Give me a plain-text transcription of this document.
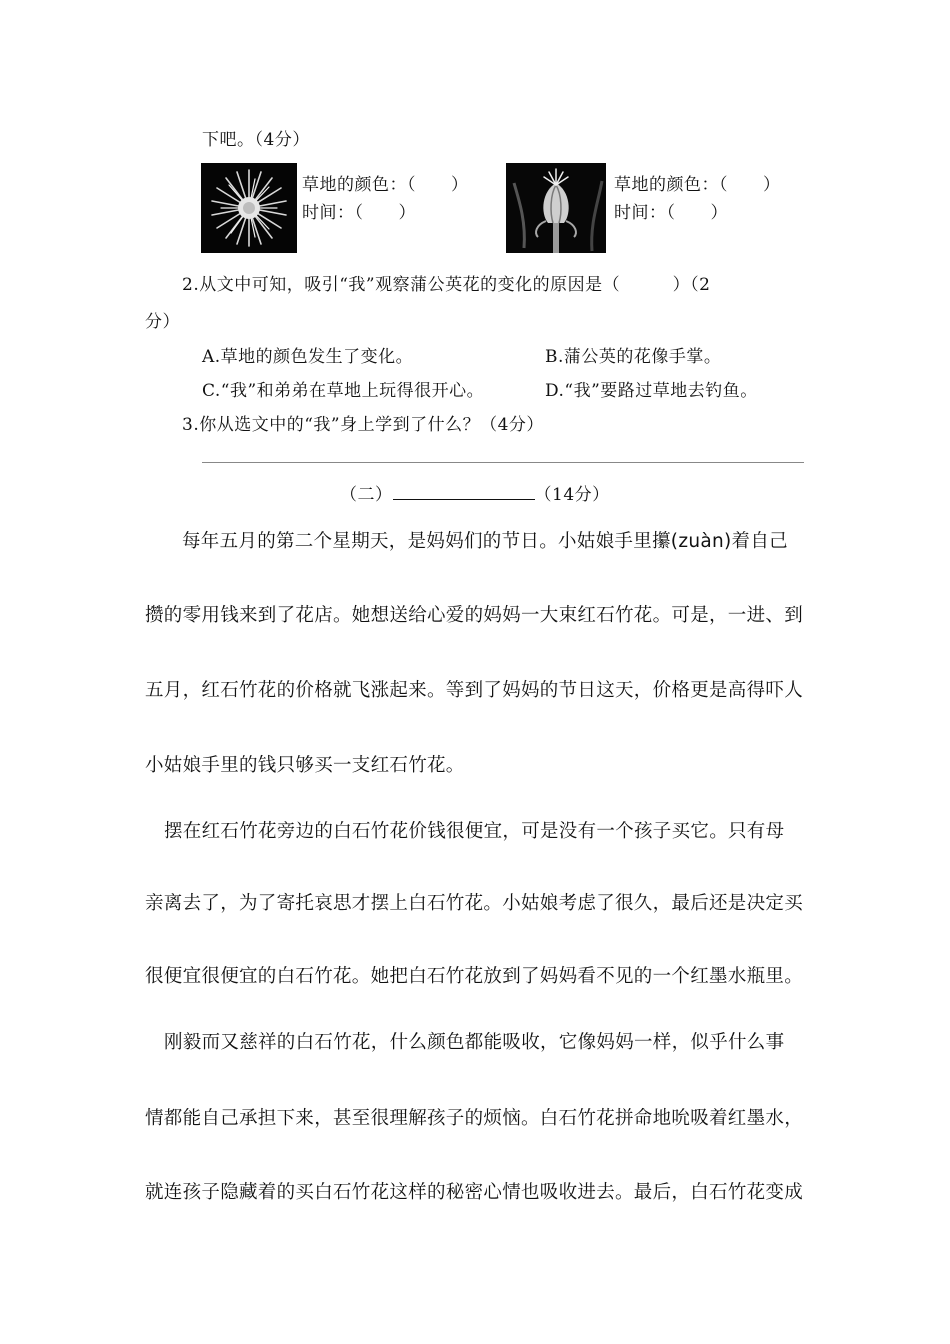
下吧。（4分）
草地的颜色：（　　）
时间：（　　）
草地的颜色：（　　）
时间：（　　）
2.从文中可知，吸引“我”观察蒲公英花的变化的原因是（　　　）（2
分）
A.草地的颜色发生了变化。	B.蒲公英的花像手掌。
C.“我”和弟弟在草地上玩得很开心。	D.“我”要路过草地去钓鱼。
3.你从选文中的“我”身上学到了什么？（4分）
（二）	（14分）
每年五月的第二个星期天，是妈妈们的节日。小姑娘手里攥(zuàn)着自己
攒的零用钱来到了花店。她想送给心爱的妈妈一大束红石竹花。可是，一进、到
五月，红石竹花的价格就飞涨起来。等到了妈妈的节日这天，价格更是高得吓人
小姑娘手里的钱只够买一支红石竹花。
摆在红石竹花旁边的白石竹花价钱很便宜，可是没有一个孩子买它。只有母
亲离去了，为了寄托哀思才摆上白石竹花。小姑娘考虑了很久，最后还是决定买
很便宜很便宜的白石竹花。她把白石竹花放到了妈妈看不见的一个红墨水瓶里。
刚毅而又慈祥的白石竹花，什么颜色都能吸收，它像妈妈一样，似乎什么事
情都能自己承担下来，甚至很理解孩子的烦恼。白石竹花拼命地吮吸着红墨水，
就连孩子隐藏着的买白石竹花这样的秘密心情也吸收进去。最后，白石竹花变成
